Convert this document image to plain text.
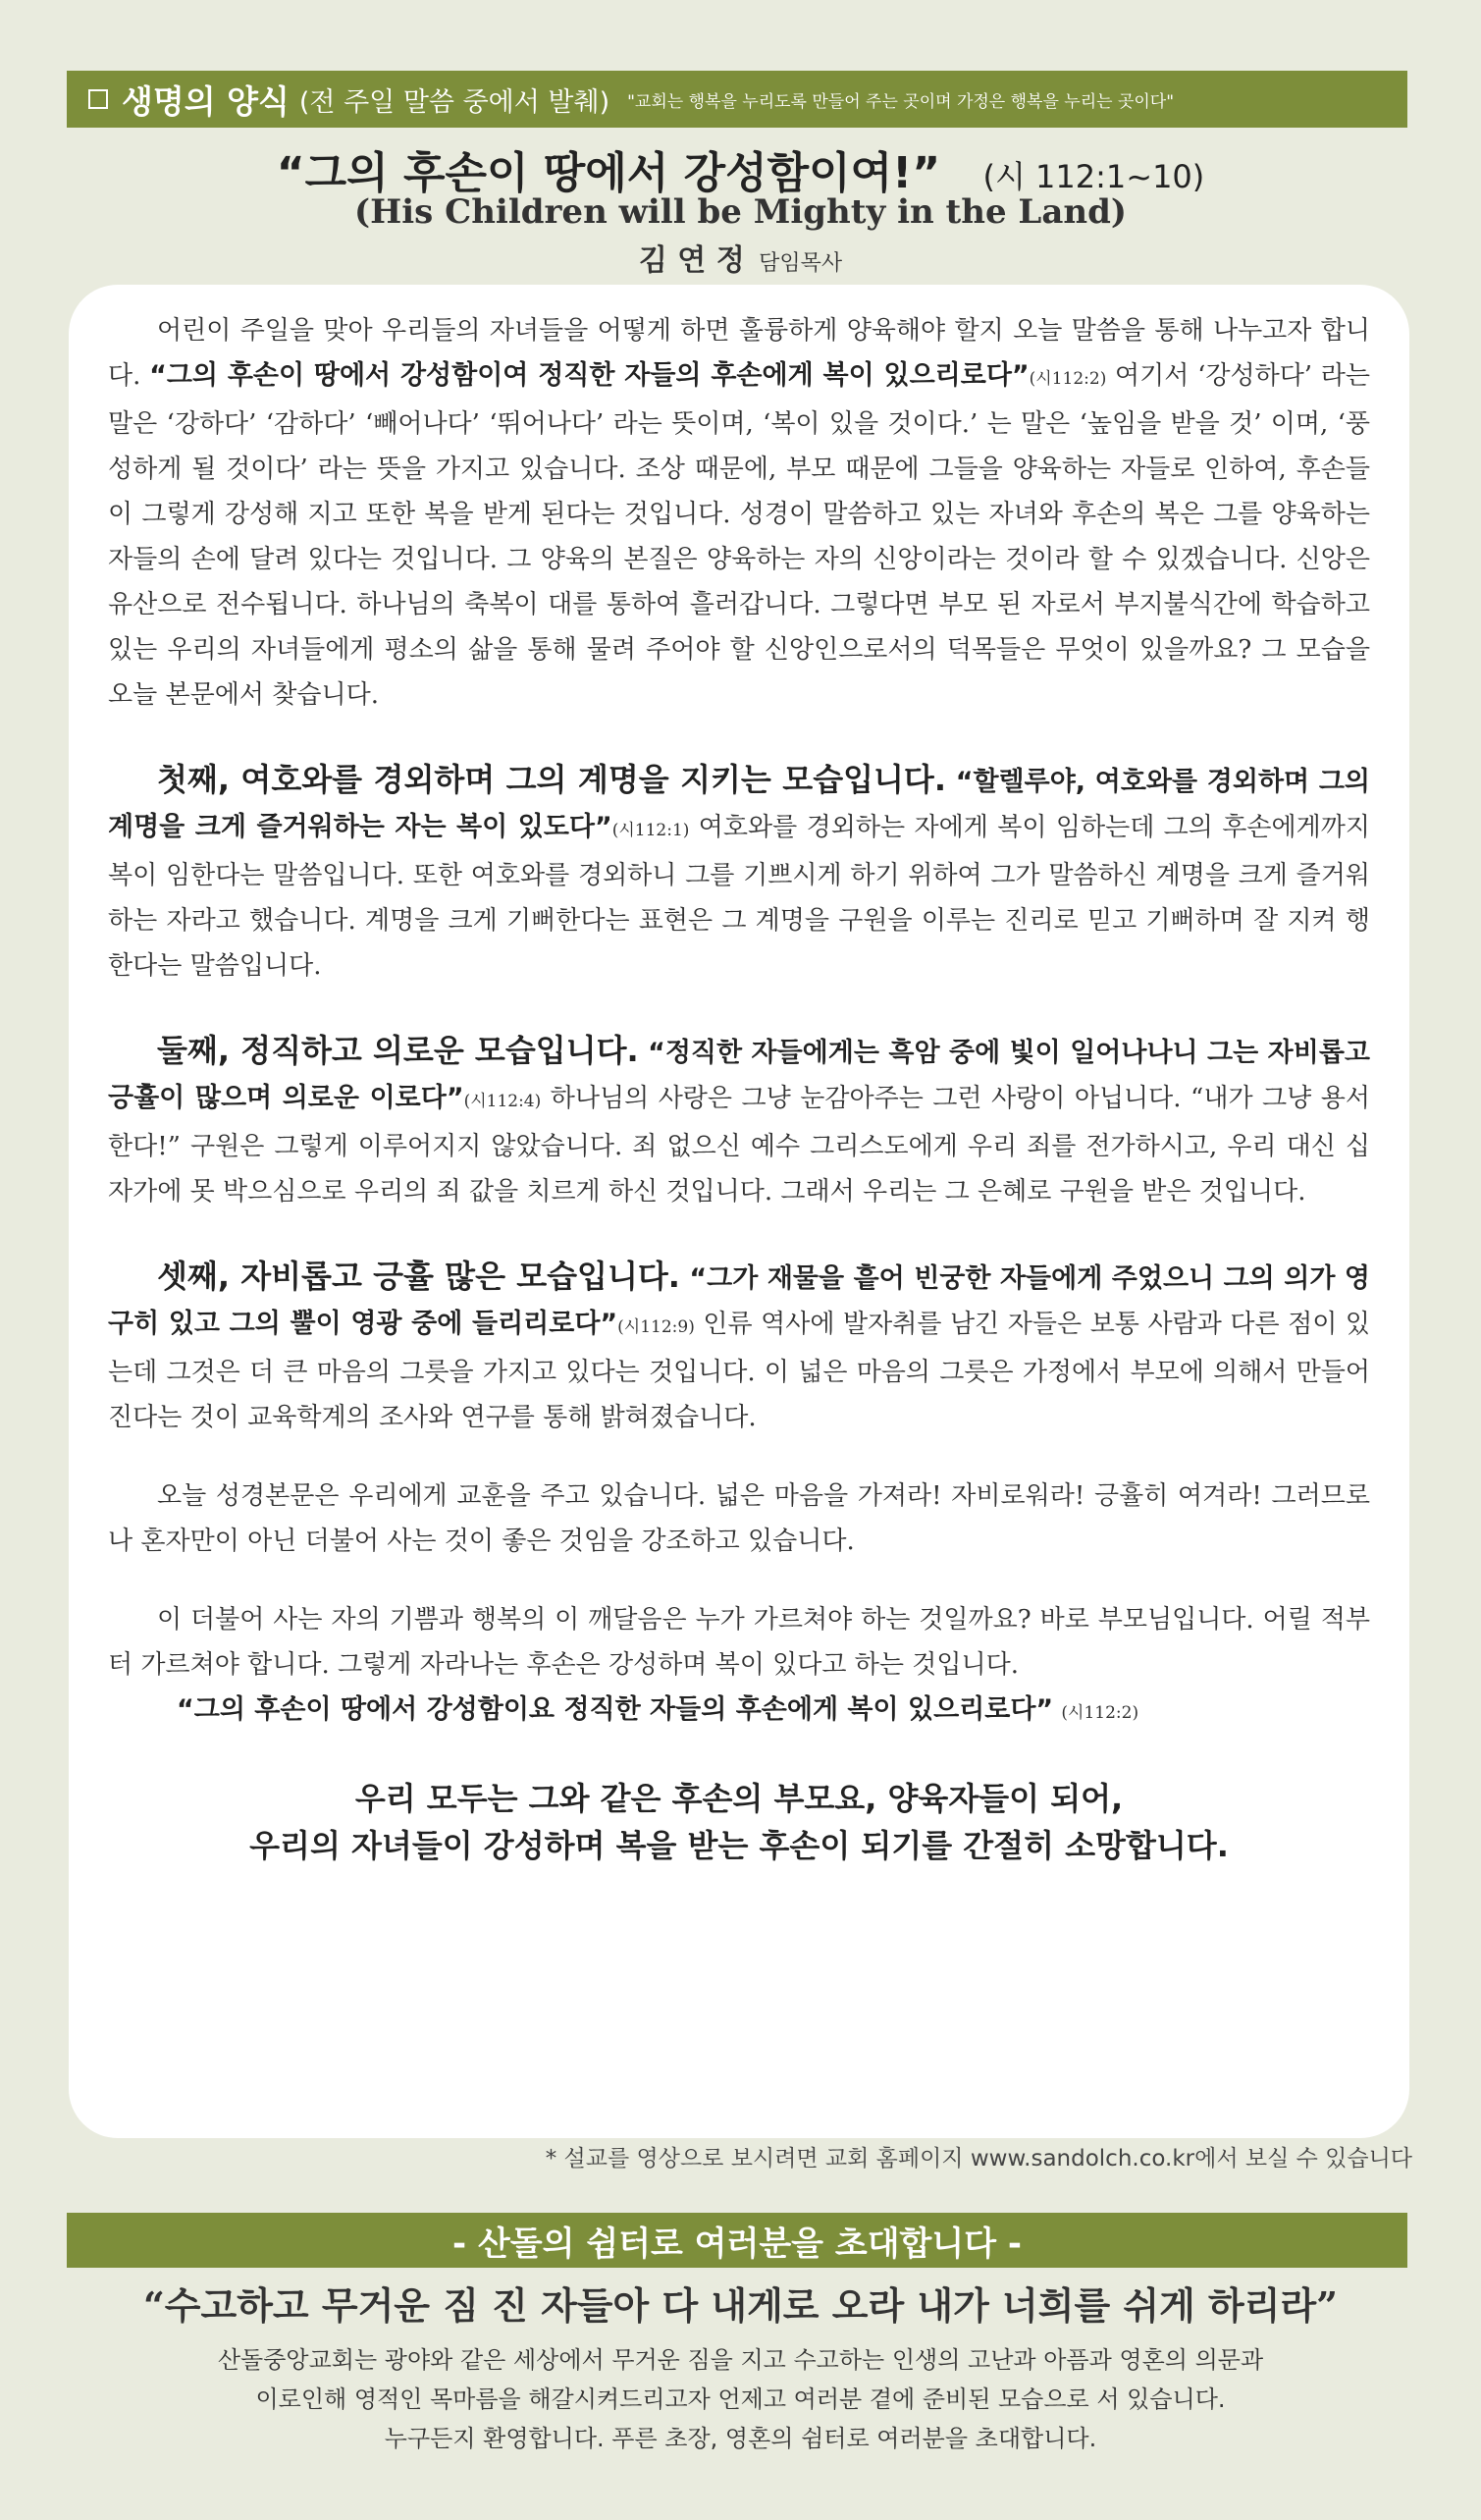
생명의 양식 (전 주일 말씀 중에서 발췌) "교회는 행복을 누리도록 만들어 주는 곳이며 가정은 행복을 누리는 곳이다"
“그의 후손이 땅에서 강성함이여!” (시 112:1~10)
(His Children will be Mighty in the Land)
김 연 정 담임목사

어린이 주일을 맞아 우리들의 자녀들을 어떻게 하면 훌륭하게 양육해야 할지 오늘 말씀을 통해 나누고자 합니다. “그의 후손이 땅에서 강성함이여 정직한 자들의 후손에게 복이 있으리로다”(시112:2) 여기서 ‘강성하다’ 라는 말은 ‘강하다’ ‘감하다’ ‘빼어나다’ ‘뛰어나다’ 라는 뜻이며, ‘복이 있을 것이다.’ 는 말은 ‘높임을 받을 것’ 이며, ‘풍성하게 될 것이다’ 라는 뜻을 가지고 있습니다. 조상 때문에, 부모 때문에 그들을 양육하는 자들로 인하여, 후손들이 그렇게 강성해 지고 또한 복을 받게 된다는 것입니다. 성경이 말씀하고 있는 자녀와 후손의 복은 그를 양육하는 자들의 손에 달려 있다는 것입니다. 그 양육의 본질은 양육하는 자의 신앙이라는 것이라 할 수 있겠습니다. 신앙은 유산으로 전수됩니다. 하나님의 축복이 대를 통하여 흘러갑니다. 그렇다면 부모 된 자로서 부지불식간에 학습하고 있는 우리의 자녀들에게 평소의 삶을 통해 물려 주어야 할 신앙인으로서의 덕목들은 무엇이 있을까요? 그 모습을 오늘 본문에서 찾습니다.

첫째, 여호와를 경외하며 그의 계명을 지키는 모습입니다. “할렐루야, 여호와를 경외하며 그의 계명을 크게 즐거워하는 자는 복이 있도다”(시112:1) 여호와를 경외하는 자에게 복이 임하는데 그의 후손에게까지 복이 임한다는 말씀입니다. 또한 여호와를 경외하니 그를 기쁘시게 하기 위하여 그가 말씀하신 계명을 크게 즐거워하는 자라고 했습니다. 계명을 크게 기뻐한다는 표현은 그 계명을 구원을 이루는 진리로 믿고 기뻐하며 잘 지켜 행한다는 말씀입니다.

둘째, 정직하고 의로운 모습입니다. “정직한 자들에게는 흑암 중에 빛이 일어나나니 그는 자비롭고 긍휼이 많으며 의로운 이로다”(시112:4) 하나님의 사랑은 그냥 눈감아주는 그런 사랑이 아닙니다. “내가 그냥 용서한다!” 구원은 그렇게 이루어지지 않았습니다. 죄 없으신 예수 그리스도에게 우리 죄를 전가하시고, 우리 대신 십자가에 못 박으심으로 우리의 죄 값을 치르게 하신 것입니다. 그래서 우리는 그 은혜로 구원을 받은 것입니다.

셋째, 자비롭고 긍휼 많은 모습입니다. “그가 재물을 흩어 빈궁한 자들에게 주었으니 그의 의가 영구히 있고 그의 뿔이 영광 중에 들리리로다”(시112:9) 인류 역사에 발자취를 남긴 자들은 보통 사람과 다른 점이 있는데 그것은 더 큰 마음의 그릇을 가지고 있다는 것입니다. 이 넓은 마음의 그릇은 가정에서 부모에 의해서 만들어진다는 것이 교육학계의 조사와 연구를 통해 밝혀졌습니다.

오늘 성경본문은 우리에게 교훈을 주고 있습니다. 넓은 마음을 가져라! 자비로워라! 긍휼히 여겨라! 그러므로 나 혼자만이 아닌 더불어 사는 것이 좋은 것임을 강조하고 있습니다.

이 더불어 사는 자의 기쁨과 행복의 이 깨달음은 누가 가르쳐야 하는 것일까요? 바로 부모님입니다. 어릴 적부터 가르쳐야 합니다. 그렇게 자라나는 후손은 강성하며 복이 있다고 하는 것입니다.

“그의 후손이 땅에서 강성함이요 정직한 자들의 후손에게 복이 있으리로다” (시112:2)

우리 모두는 그와 같은 후손의 부모요, 양육자들이 되어,
우리의 자녀들이 강성하며 복을 받는 후손이 되기를 간절히 소망합니다.
* 설교를 영상으로 보시려면 교회 홈페이지 www.sandolch.co.kr에서 보실 수 있습니다
- 산돌의 쉼터로 여러분을 초대합니다 -
“수고하고 무거운 짐 진 자들아 다 내게로 오라 내가 너희를 쉬게 하리라”
산돌중앙교회는 광야와 같은 세상에서 무거운 짐을 지고 수고하는 인생의 고난과 아픔과 영혼의 의문과
이로인해 영적인 목마름을 해갈시켜드리고자 언제고 여러분 곁에 준비된 모습으로 서 있습니다.
누구든지 환영합니다. 푸른 초장, 영혼의 쉼터로 여러분을 초대합니다.
